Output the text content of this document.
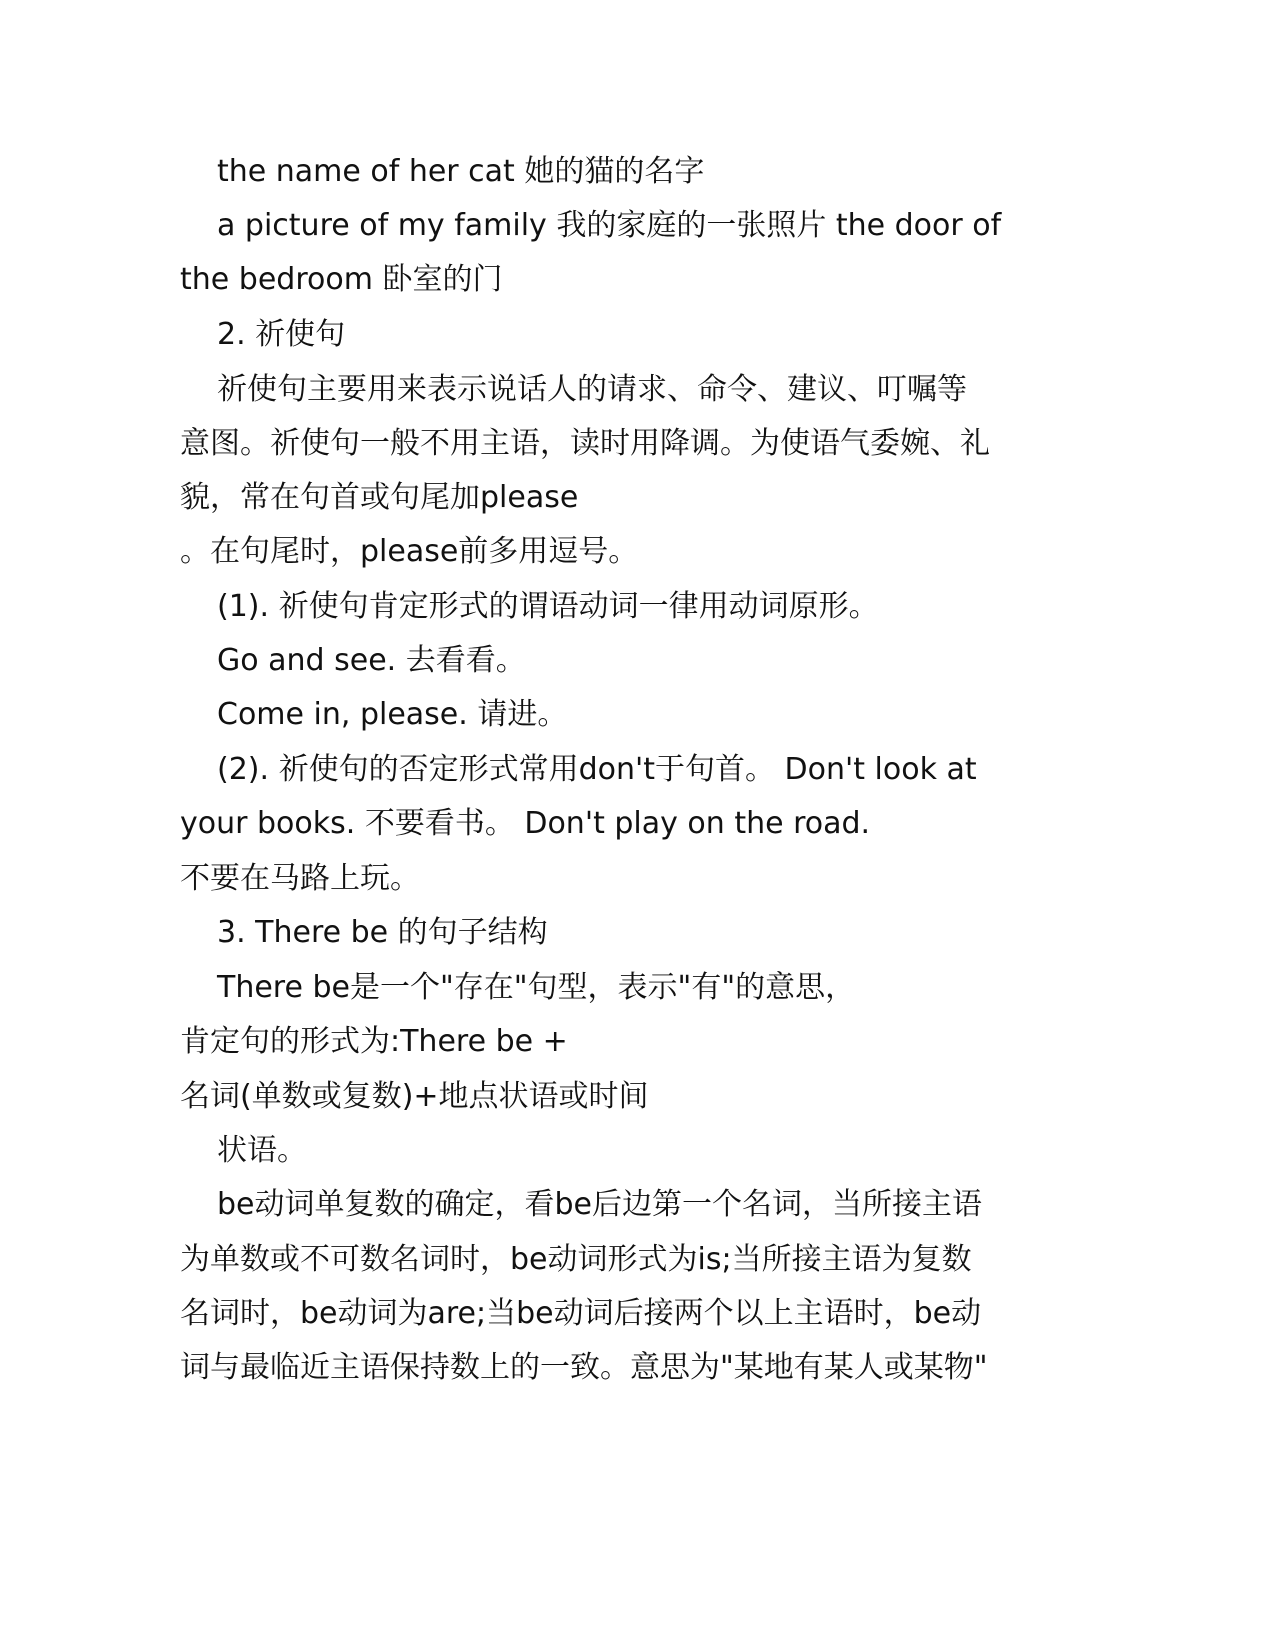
the name of her cat 她的猫的名字
a picture of my family 我的家庭的一张照片 the door of
the bedroom 卧室的门
2. 祈使句
祈使句主要用来表示说话人的请求、命令、建议、叮嘱等
意图。祈使句一般不用主语，读时用降调。为使语气委婉、礼
貌，常在句首或句尾加please
。在句尾时，please前多用逗号。
(1). 祈使句肯定形式的谓语动词一律用动词原形。
Go and see. 去看看。
Come in, please. 请进。
(2). 祈使句的否定形式常用don't于句首。 Don't look at
your books. 不要看书。 Don't play on the road.
不要在马路上玩。
3. There be 的句子结构
There be是一个"存在"句型，表示"有"的意思，
肯定句的形式为:There be +
名词(单数或复数)+地点状语或时间
状语。
be动词单复数的确定，看be后边第一个名词，当所接主语
为单数或不可数名词时，be动词形式为is;当所接主语为复数
名词时，be动词为are;当be动词后接两个以上主语时，be动
词与最临近主语保持数上的一致。意思为"某地有某人或某物"
